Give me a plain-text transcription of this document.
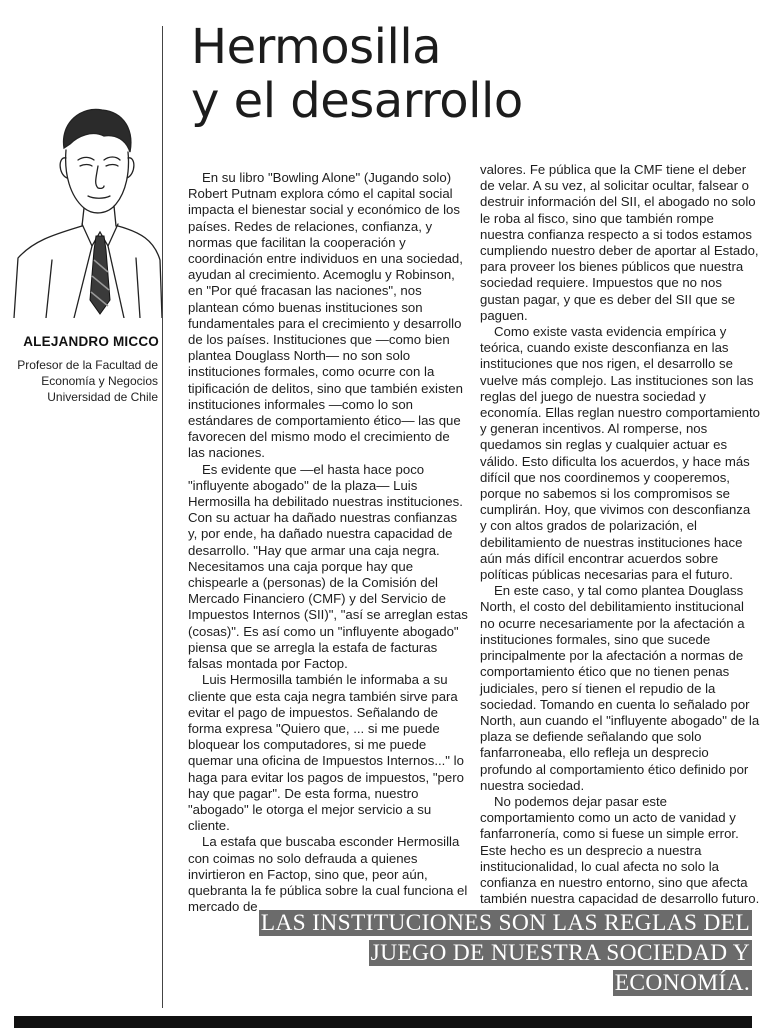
ALEJANDRO MICCO
Profesor de la Facultad de
Economía y Negocios
Universidad de Chile
Hermosilla
y el desarrollo

En su libro "Bowling Alone" (Jugando solo) Robert Putnam explora cómo el capital social impacta el bienestar social y económico de los países. Redes de relaciones, confianza, y normas que facilitan la cooperación y coordinación entre individuos en una sociedad, ayudan al crecimiento. Acemoglu y Robinson, en "Por qué fracasan las naciones", nos plantean cómo buenas instituciones son fundamentales para el crecimiento y desarrollo de los países. Instituciones que —como bien plantea Douglass North— no son solo instituciones formales, como ocurre con la tipificación de delitos, sino que también existen instituciones informales —como lo son estándares de comportamiento ético— las que favorecen del mismo modo el crecimiento de las naciones.

Es evidente que —el hasta hace poco "influyente abogado" de la plaza— Luis Hermosilla ha debilitado nuestras instituciones. Con su actuar ha dañado nuestras confianzas y, por ende, ha dañado nuestra capacidad de desarrollo. "Hay que armar una caja negra. Necesitamos una caja porque hay que chispearle a (personas) de la Comisión del Mercado Financiero (CMF) y del Servicio de Impuestos Internos (SII)", "así se arreglan estas (cosas)". Es así como un "influyente abogado" piensa que se arregla la estafa de facturas falsas montada por Factop.

Luis Hermosilla también le informaba a su cliente que esta caja negra también sirve para evitar el pago de impuestos. Señalando de forma expresa "Quiero que, ... si me puede bloquear los computadores, si me puede quemar una oficina de Impuestos Internos..." lo haga para evitar los pagos de impuestos, "pero hay que pagar". De esta forma, nuestro "abogado" le otorga el mejor servicio a su cliente.

La estafa que buscaba esconder Hermosilla con coimas no solo defrauda a quienes invirtieron en Factop, sino que, peor aún, quebranta la fe pública sobre la cual funciona el mercado de

valores. Fe pública que la CMF tiene el deber de velar. A su vez, al solicitar ocultar, falsear o destruir información del SII, el abogado no solo le roba al fisco, sino que también rompe nuestra confianza respecto a si todos estamos cumpliendo nuestro deber de aportar al Estado, para proveer los bienes públicos que nuestra sociedad requiere. Impuestos que no nos gustan pagar, y que es deber del SII que se paguen.

Como existe vasta evidencia empírica y teórica, cuando existe desconfianza en las instituciones que nos rigen, el desarrollo se vuelve más complejo. Las instituciones son las reglas del juego de nuestra sociedad y economía. Ellas reglan nuestro comportamiento y generan incentivos. Al romperse, nos quedamos sin reglas y cualquier actuar es válido. Esto dificulta los acuerdos, y hace más difícil que nos coordinemos y cooperemos, porque no sabemos si los compromisos se cumplirán. Hoy, que vivimos con desconfianza y con altos grados de polarización, el debilitamiento de nuestras instituciones hace aún más difícil encontrar acuerdos sobre políticas públicas necesarias para el futuro.

En este caso, y tal como plantea Douglass North, el costo del debilitamiento institucional no ocurre necesariamente por la afectación a instituciones formales, sino que sucede principalmente por la afectación a normas de comportamiento ético que no tienen penas judiciales, pero sí tienen el repudio de la sociedad. Tomando en cuenta lo señalado por North, aun cuando el "influyente abogado" de la plaza se defiende señalando que solo fanfarroneaba, ello refleja un desprecio profundo al comportamiento ético definido por nuestra sociedad.

No podemos dejar pasar este comportamiento como un acto de vanidad y fanfarronería, como si fuese un simple error. Este hecho es un desprecio a nuestra institucionalidad, lo cual afecta no solo la confianza en nuestro entorno, sino que afecta también nuestra capacidad de desarrollo futuro.

LAS INSTITUCIONES SON LAS REGLAS DEL JUEGO DE NUESTRA SOCIEDAD Y ECONOMÍA.
